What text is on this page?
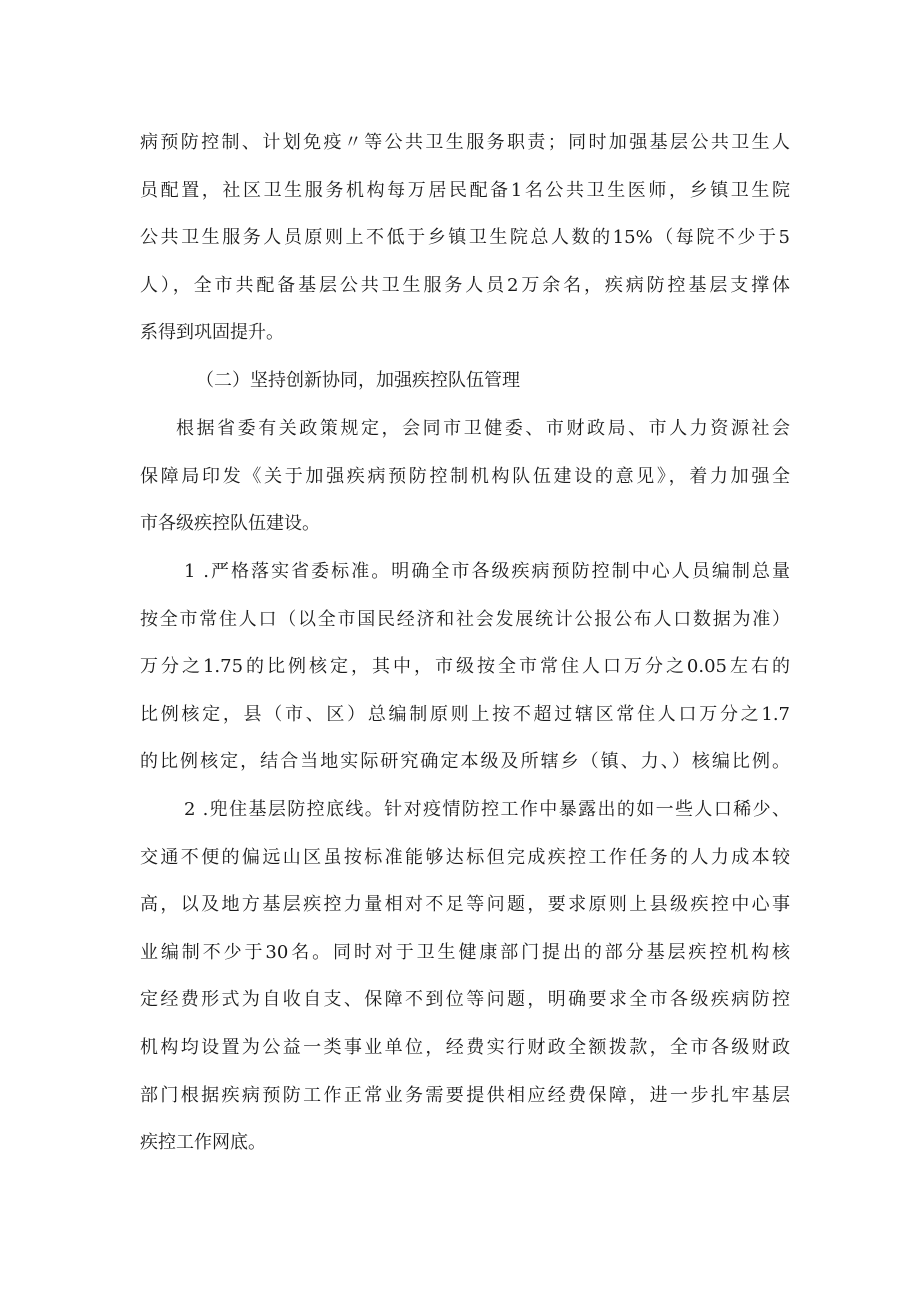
病预防控制、计划免疫〃等公共卫生服务职责；同时加强基层公共卫生人
员配置，社区卫生服务机构每万居民配备1名公共卫生医师，乡镇卫生院
公共卫生服务人员原则上不低于乡镇卫生院总人数的15%（每院不少于5
人），全市共配备基层公共卫生服务人员2万余名，疾病防控基层支撑体
系得到巩固提升。
（二）坚持创新协同，加强疾控队伍管理
根据省委有关政策规定，会同市卫健委、市财政局、市人力资源社会
保障局印发《关于加强疾病预防控制机构队伍建设的意见》，着力加强全
市各级疾控队伍建设。
1 .严格落实省委标准。明确全市各级疾病预防控制中心人员编制总量
按全市常住人口（以全市国民经济和社会发展统计公报公布人口数据为准）
万分之1.75的比例核定，其中，市级按全市常住人口万分之0.05左右的
比例核定，县（市、区）总编制原则上按不超过辖区常住人口万分之1.7
的比例核定，结合当地实际研究确定本级及所辖乡（镇、力、）核编比例。
2 .兜住基层防控底线。针对疫情防控工作中暴露出的如一些人口稀少、
交通不便的偏远山区虽按标准能够达标但完成疾控工作任务的人力成本较
高，以及地方基层疾控力量相对不足等问题，要求原则上县级疾控中心事
业编制不少于30名。同时对于卫生健康部门提出的部分基层疾控机构核
定经费形式为自收自支、保障不到位等问题，明确要求全市各级疾病防控
机构均设置为公益一类事业单位，经费实行财政全额拨款，全市各级财政
部门根据疾病预防工作正常业务需要提供相应经费保障，进一步扎牢基层
疾控工作网底。
